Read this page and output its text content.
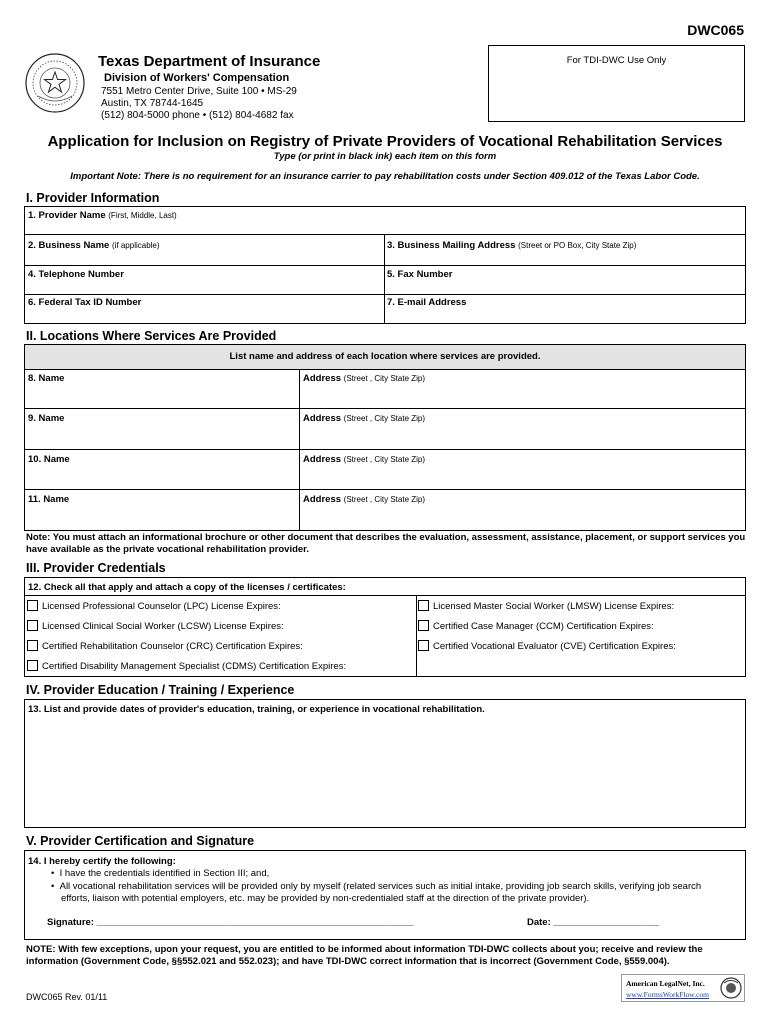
DWC065
For TDI-DWC Use Only
Texas Department of Insurance
Division of Workers' Compensation
7551 Metro Center Drive, Suite 100 • MS-29
Austin, TX 78744-1645
(512) 804-5000 phone • (512) 804-4682 fax
Application for Inclusion on Registry of Private Providers of Vocational Rehabilitation Services
Type (or print in black ink) each item on this form
Important Note: There is no requirement for an insurance carrier to pay rehabilitation costs under Section 409.012 of the Texas Labor Code.
I. Provider Information
1. Provider Name (First, Middle, Last)
2. Business Name (if applicable)	3. Business Mailing Address (Street or PO Box, City State Zip)
4. Telephone Number	5. Fax Number
6. Federal Tax ID Number	7. E-mail Address
II. Locations Where Services Are Provided
List name and address of each location where services are provided.
8. Name	Address (Street , City State Zip)
9. Name	Address (Street , City State Zip)
10. Name	Address (Street , City State Zip)
11. Name	Address (Street , City State Zip)
Note: You must attach an informational brochure or other document that describes the evaluation, assessment, assistance, placement, or support services you have available as the private vocational rehabilitation provider.
III. Provider Credentials
12. Check all that apply and attach a copy of the licenses / certificates:
Licensed Professional Counselor (LPC) License Expires:
Licensed Clinical Social Worker (LCSW) License Expires:
Certified Rehabilitation Counselor (CRC) Certification Expires:
Certified Disability Management Specialist (CDMS) Certification Expires:
Licensed Master Social Worker (LMSW) License Expires:
Certified Case Manager (CCM) Certification Expires:
Certified Vocational Evaluator (CVE) Certification Expires:
IV. Provider Education / Training / Experience
13. List and provide dates of provider's education, training, or experience in vocational rehabilitation.
V. Provider Certification and Signature
14. I hereby certify the following:
•  I have the credentials identified in Section III; and,
•  All vocational rehabilitation services will be provided only by myself (related services such as initial intake, providing job search skills, verifying job search efforts, liaison with potential employers, etc. may be provided by non-credentialed staff at the direction of the private provider).
Signature: ____________________________________________________________	Date: ____________________
NOTE: With few exceptions, upon your request, you are entitled to be informed about information TDI-DWC collects about you; receive and review the information (Government Code, §§552.021 and 552.023); and have TDI-DWC correct information that is incorrect (Government Code, §559.004).
DWC065 Rev. 01/11
American LegalNet, Inc.
www.FormsWorkFlow.com
